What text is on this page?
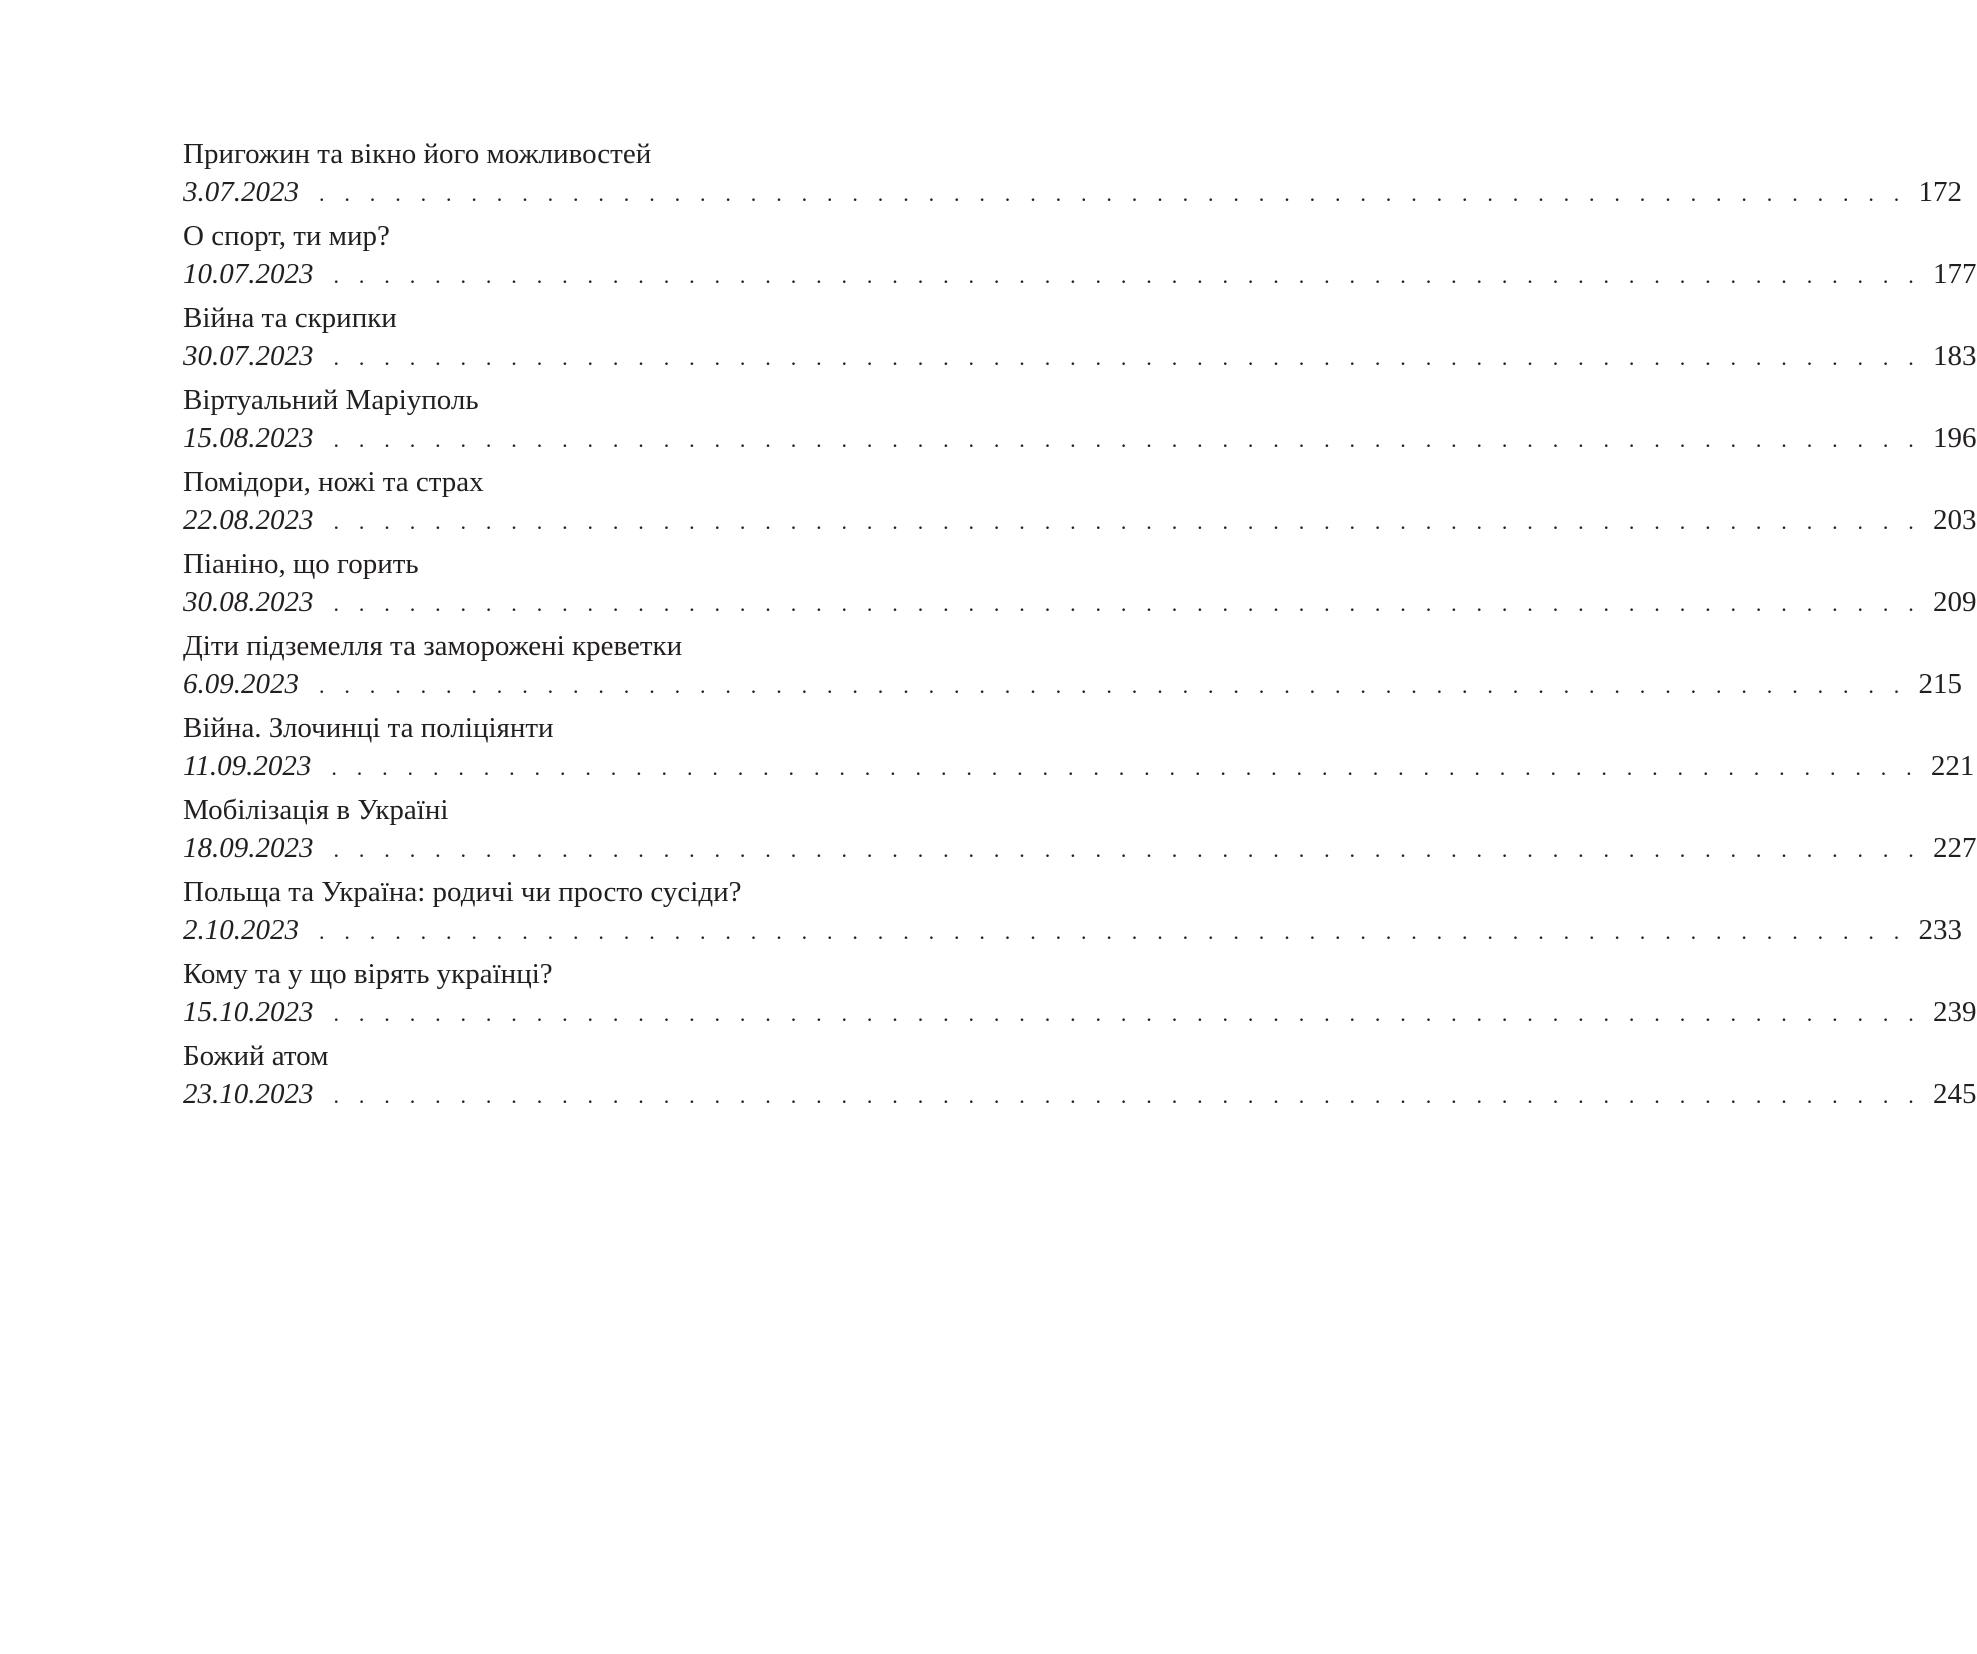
Пригожин та вікно його можливостей
3.07.2023 . . . . . . . . . . . . . . . . . . . . . . . . . . . . . . . . . . . . . . . . . . . . . . . . . . . . . . . . . . . . . . . 172
О спорт, ти мир?
10.07.2023 . . . . . . . . . . . . . . . . . . . . . . . . . . . . . . . . . . . . . . . . . . . . . . . . . . . . . . . . . . . . . . . 177
Війна та скрипки
30.07.2023 . . . . . . . . . . . . . . . . . . . . . . . . . . . . . . . . . . . . . . . . . . . . . . . . . . . . . . . . . . . . . . . 183
Віртуальний Маріуполь
15.08.2023 . . . . . . . . . . . . . . . . . . . . . . . . . . . . . . . . . . . . . . . . . . . . . . . . . . . . . . . . . . . . . . . 196
Помідори, ножі та страх
22.08.2023 . . . . . . . . . . . . . . . . . . . . . . . . . . . . . . . . . . . . . . . . . . . . . . . . . . . . . . . . . . . . . . . 203
Піаніно, що горить
30.08.2023 . . . . . . . . . . . . . . . . . . . . . . . . . . . . . . . . . . . . . . . . . . . . . . . . . . . . . . . . . . . . . . . 209
Діти підземелля та заморожені креветки
6.09.2023 . . . . . . . . . . . . . . . . . . . . . . . . . . . . . . . . . . . . . . . . . . . . . . . . . . . . . . . . . . . . . . . 215
Війна. Злочинці та поліціянти
11.09.2023 . . . . . . . . . . . . . . . . . . . . . . . . . . . . . . . . . . . . . . . . . . . . . . . . . . . . . . . . . . . . . . . 221
Мобілізація в Україні
18.09.2023 . . . . . . . . . . . . . . . . . . . . . . . . . . . . . . . . . . . . . . . . . . . . . . . . . . . . . . . . . . . . . . . 227
Польща та Україна: родичі чи просто сусіди?
2.10.2023 . . . . . . . . . . . . . . . . . . . . . . . . . . . . . . . . . . . . . . . . . . . . . . . . . . . . . . . . . . . . . . . 233
Кому та у що вірять українці?
15.10.2023 . . . . . . . . . . . . . . . . . . . . . . . . . . . . . . . . . . . . . . . . . . . . . . . . . . . . . . . . . . . . . . . 239
Божий атом
23.10.2023 . . . . . . . . . . . . . . . . . . . . . . . . . . . . . . . . . . . . . . . . . . . . . . . . . . . . . . . . . . . . . . . 245
